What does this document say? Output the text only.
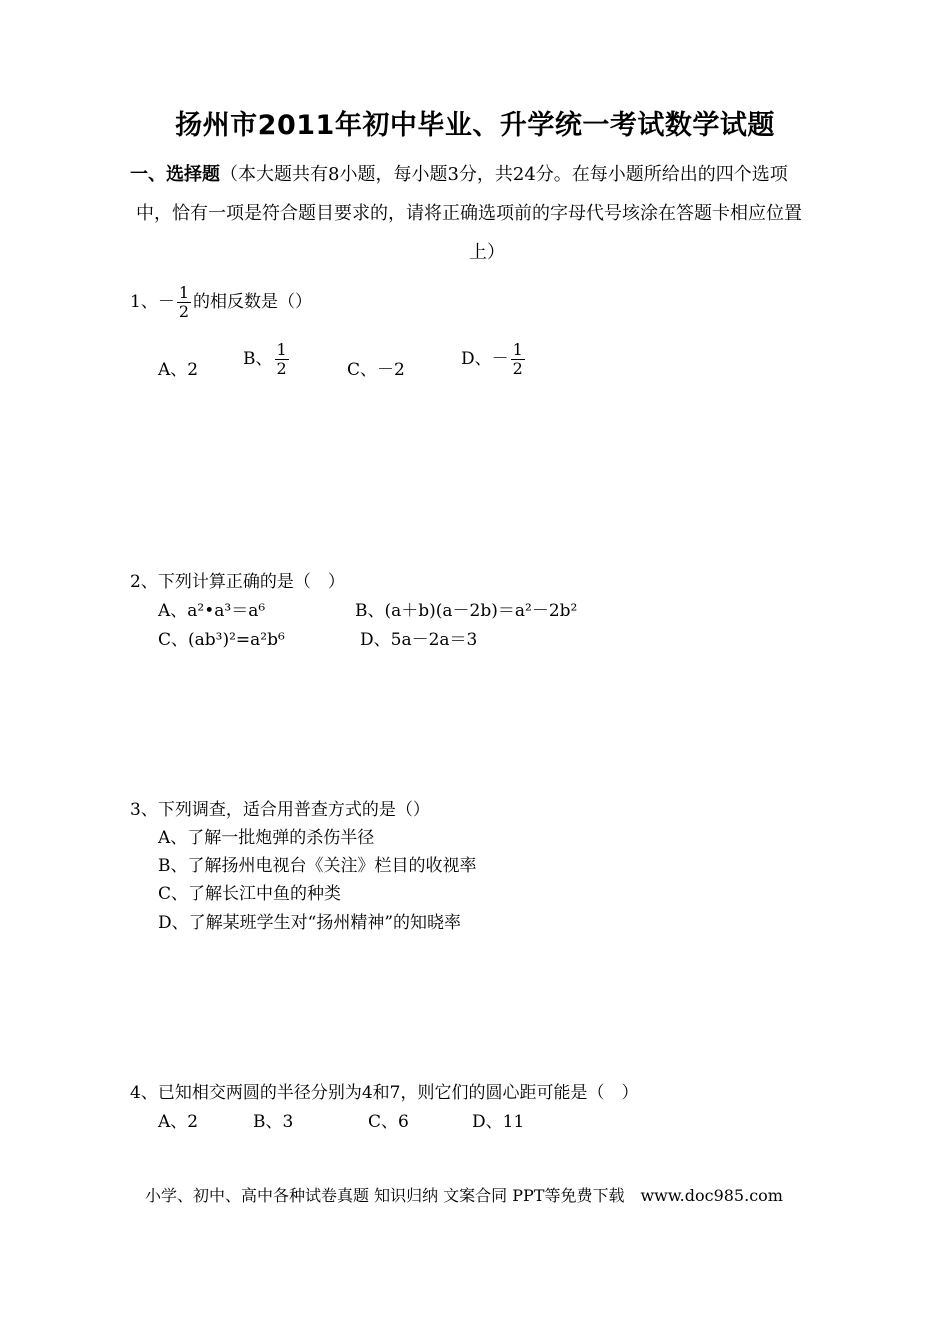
扬州市2011年初中毕业、升学统一考试数学试题
一、选择题（本大题共有8小题，每小题3分，共24分。在每小题所给出的四个选项
中，恰有一项是符合题目要求的，请将正确选项前的字母代号垓涂在答题卡相应位置
上）
1、－ $\frac{1}{2}$ 的相反数是（）
A、2
B、 $\frac{1}{2}$	C、－2
D、－ $\frac{1}{2}$
2、下列计算正确的是（　）
A、a²•a³＝a⁶	B、(a＋b)(a－2b)＝a²－2b²
C、(ab³)²=a²b⁶	D、5a－2a＝3
3、下列调查，适合用普查方式的是（）
A、了解一批炮弹的杀伤半径
B、了解扬州电视台《关注》栏目的收视率
C、了解长江中鱼的种类
D、了解某班学生对“扬州精神”的知晓率
4、已知相交两圆的半径分别为4和7，则它们的圆心距可能是（　）
A、2	B、3	C、6	D、11
小学、初中、高中各种试卷真题 知识归纳 文案合同 PPT等免费下载　www.doc985.com
